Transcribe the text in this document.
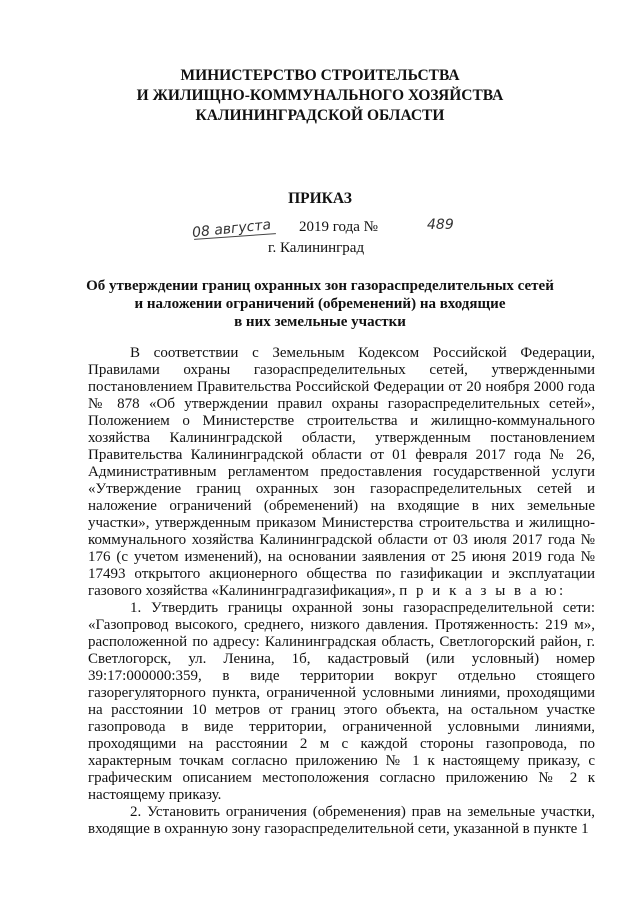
МИНИСТЕРСТВО СТРОИТЕЛЬСТВА
И ЖИЛИЩНО-КОММУНАЛЬНОГО ХОЗЯЙСТВА
КАЛИНИНГРАДСКОЙ ОБЛАСТИ
ПРИКАЗ
08 августа 2019 года №	489
г. Калининград
Об утверждении границ охранных зон газораспределительных сетей
и наложении ограничений (обременений) на входящие
в них земельные участки

В соответствии с Земельным Кодексом Российской Федерации, Правилами охраны газораспределительных сетей, утвержденными постановлением Правительства Российской Федерации от 20 ноября 2000 года № 878 «Об утверждении правил охраны газораспределительных сетей», Положением о Министерстве строительства и жилищно-коммунального хозяйства Калининградской области, утвержденным постановлением Правительства Калининградской области от 01 февраля 2017 года № 26, Административным регламентом предоставления государственной услуги «Утверждение границ охранных зон газораспределительных сетей и наложение ограничений (обременений) на входящие в них земельные участки», утвержденным приказом Министерства строительства и жилищно-коммунального хозяйства Калининградской области от 03 июля 2017 года № 176 (с учетом изменений), на основании заявления от 25 июня 2019 года № 17493 открытого акционерного общества по газификации и эксплуатации газового хозяйства «Калининградгазификация», п р и к а з ы в а ю:

1. Утвердить границы охранной зоны газораспределительной сети: «Газопровод высокого, среднего, низкого давления. Протяженность: 219 м», расположенной по адресу: Калининградская область, Светлогорский район, г. Светлогорск, ул. Ленина, 1б, кадастровый (или условный) номер 39:17:000000:359, в виде территории вокруг отдельно стоящего газорегуляторного пункта, ограниченной условными линиями, проходящими на расстоянии 10 метров от границ этого объекта, на остальном участке газопровода в виде территории, ограниченной условными линиями, проходящими на расстоянии 2 м с каждой стороны газопровода, по характерным точкам согласно приложению № 1 к настоящему приказу, с графическим описанием местоположения согласно приложению № 2 к настоящему приказу.

2. Установить ограничения (обременения) прав на земельные участки, входящие в охранную зону газораспределительной сети, указанной в пункте 1
